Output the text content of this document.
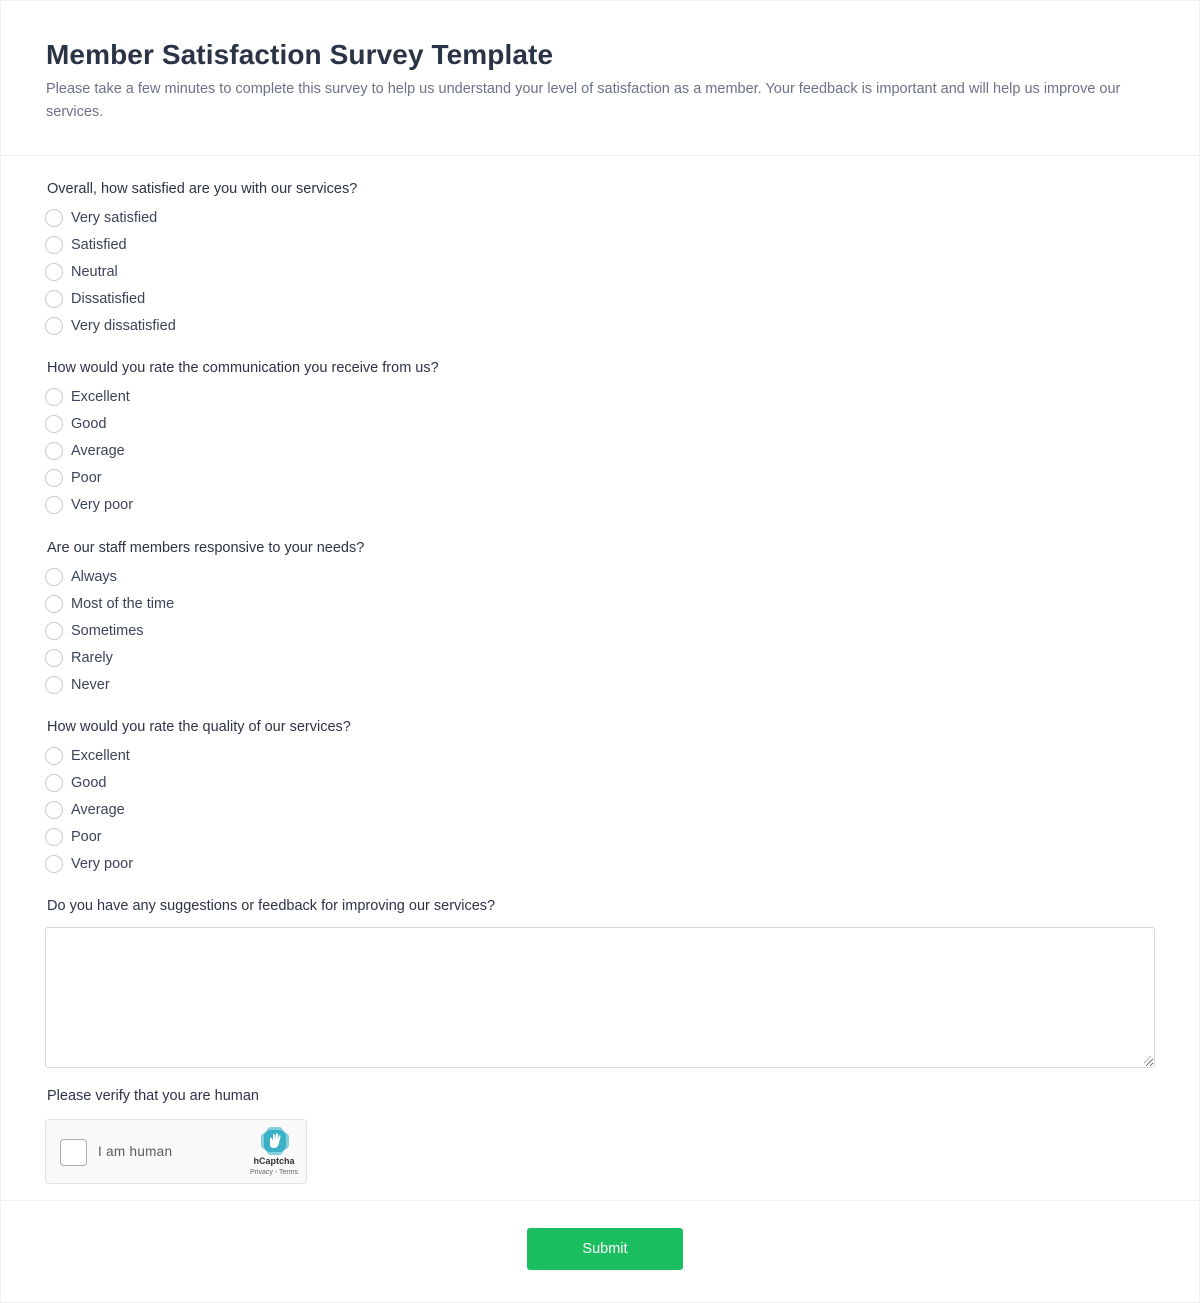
Member Satisfaction Survey Template

Please take a few minutes to complete this survey to help us understand your level of satisfaction as a member. Your feedback is important and will help us improve our services.

Overall, how satisfied are you with our services?
Very satisfied
Satisfied
Neutral
Dissatisfied
Very dissatisfied
How would you rate the communication you receive from us?
Excellent
Good
Average
Poor
Very poor
Are our staff members responsive to your needs?
Always
Most of the time
Sometimes
Rarely
Never
How would you rate the quality of our services?
Excellent
Good
Average
Poor
Very poor
Do you have any suggestions or feedback for improving our services?
Please verify that you are human
I am human
hCaptcha
Privacy - Terms
Submit
